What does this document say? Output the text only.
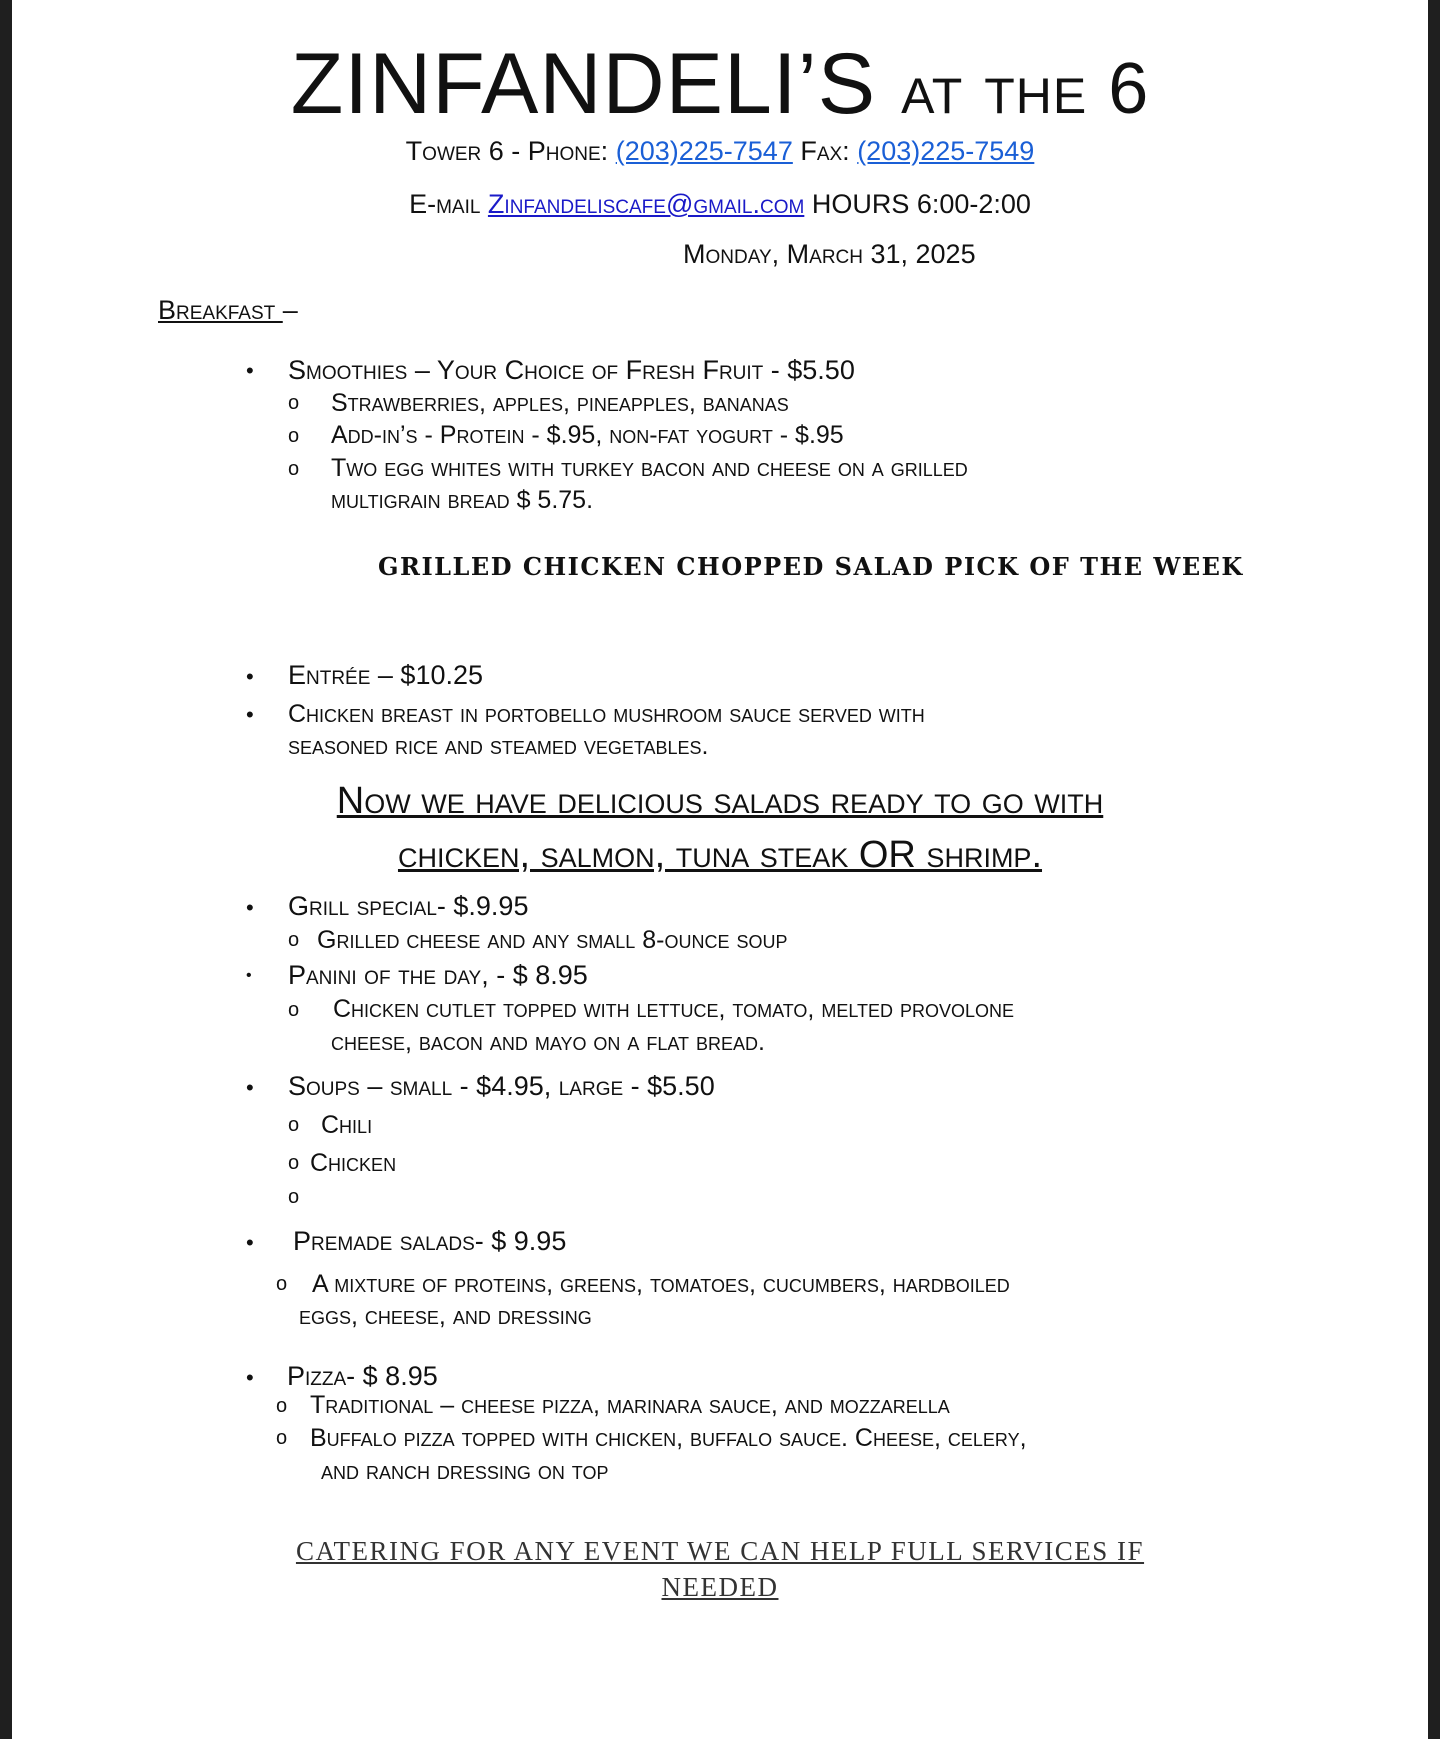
ZINFANDELI’S at the 6
Tower 6 - Phone: (203)225-7547 Fax: (203)225-7549
E-mail Zinfandeliscafe@gmail.com HOURS 6:00-2:00
Monday, March 31, 2025
Breakfast –
• Smoothies – Your Choice of Fresh Fruit - $5.50
o Strawberries, apples, pineapples, bananas
o Add-in’s - Protein - $.95, non-fat yogurt - $.95
o Two egg whites with turkey bacon and cheese on a grilled
multigrain bread $ 5.75.
GRILLED CHICKEN CHOPPED SALAD PICK OF THE WEEK
• Entrée – $10.25
• Chicken breast in portobello mushroom sauce served with
seasoned rice and steamed vegetables.
Now we have delicious salads ready to go with
chicken, salmon, tuna steak OR shrimp.
• Grill special- $.9.95
o Grilled cheese and any small 8-ounce soup
• Panini of the day, - $ 8.95
o Chicken cutlet topped with lettuce, tomato, melted provolone
cheese, bacon and mayo on a flat bread.
• Soups – small - $4.95, large - $5.50
o Chili
o Chicken
o
• Premade salads- $ 9.95
o A mixture of proteins, greens, tomatoes, cucumbers, hardboiled
eggs, cheese, and dressing
• Pizza- $ 8.95
o Traditional – cheese pizza, marinara sauce, and mozzarella
o Buffalo pizza topped with chicken, buffalo sauce. Cheese, celery,
and ranch dressing on top
CATERING FOR ANY EVENT WE CAN HELP FULL SERVICES IF
NEEDED
